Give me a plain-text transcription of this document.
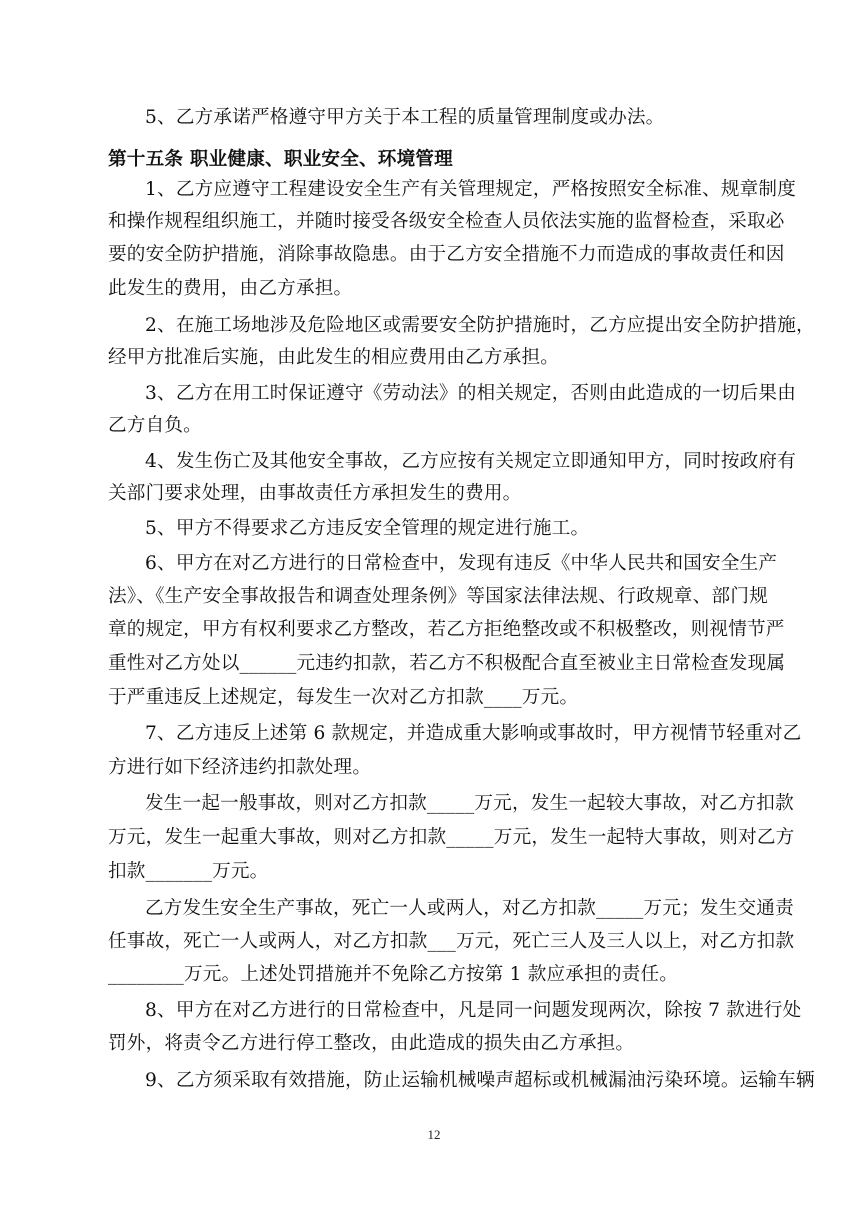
5、乙方承诺严格遵守甲方关于本工程的质量管理制度或办法。
第十五条 职业健康、职业安全、环境管理
1、乙方应遵守工程建设安全生产有关管理规定，严格按照安全标准、规章制度
和操作规程组织施工，并随时接受各级安全检查人员依法实施的监督检查，采取必
要的安全防护措施，消除事故隐患。由于乙方安全措施不力而造成的事故责任和因
此发生的费用，由乙方承担。
2、在施工场地涉及危险地区或需要安全防护措施时，乙方应提出安全防护措施，
经甲方批准后实施，由此发生的相应费用由乙方承担。
3、乙方在用工时保证遵守《劳动法》的相关规定，否则由此造成的一切后果由
乙方自负。
4、发生伤亡及其他安全事故，乙方应按有关规定立即通知甲方，同时按政府有
关部门要求处理，由事故责任方承担发生的费用。
5、甲方不得要求乙方违反安全管理的规定进行施工。
6、甲方在对乙方进行的日常检查中，发现有违反《中华人民共和国安全生产
法》、《生产安全事故报告和调查处理条例》等国家法律法规、行政规章、部门规
章的规定，甲方有权利要求乙方整改，若乙方拒绝整改或不积极整改，则视情节严
重性对乙方处以______元违约扣款，若乙方不积极配合直至被业主日常检查发现属
于严重违反上述规定，每发生一次对乙方扣款____万元。
7、乙方违反上述第 6 款规定，并造成重大影响或事故时，甲方视情节轻重对乙
方进行如下经济违约扣款处理。
发生一起一般事故，则对乙方扣款_____万元，发生一起较大事故，对乙方扣款
万元，发生一起重大事故，则对乙方扣款_____万元，发生一起特大事故，则对乙方
扣款_______万元。
乙方发生安全生产事故，死亡一人或两人，对乙方扣款_____万元；发生交通责
任事故，死亡一人或两人，对乙方扣款___万元，死亡三人及三人以上，对乙方扣款
________万元。上述处罚措施并不免除乙方按第 1 款应承担的责任。
8、甲方在对乙方进行的日常检查中，凡是同一问题发现两次，除按 7 款进行处
罚外，将责令乙方进行停工整改，由此造成的损失由乙方承担。
9、乙方须采取有效措施，防止运输机械噪声超标或机械漏油污染环境。运输车辆
12
